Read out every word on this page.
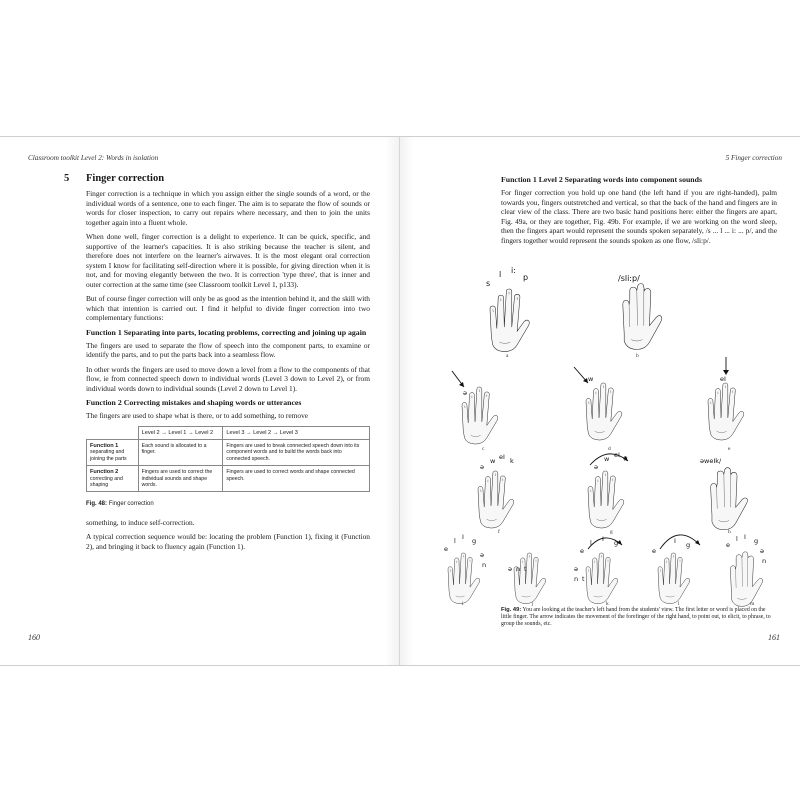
Classroom toolkit Level 2: Words in isolation
5 Finger correction

Finger correction is a technique in which you assign either the single sounds of a word, or the individual words of a sentence, one to each finger. The aim is to separate the flow of sounds or words for closer inspection, to carry out repairs where necessary, and then to join the units together again into a fluent whole.

When done well, finger correction is a delight to experience. It can be quick, specific, and supportive of the learner's capacities. It is also striking because the teacher is silent, and therefore does not interfere on the learner's airwaves. It is the most elegant oral correction system I know for facilitating self-direction where it is possible, for giving direction when it is not, and for moving elegantly between the two. It is correction 'type three', that is inner and outer correction at the same time (see Classroom toolkit Level 1, p133).

But of course finger correction will only be as good as the intention behind it, and the skill with which that intention is carried out. I find it helpful to divide finger correction into two complementary functions:

Function 1 Separating into parts, locating problems, correcting and joining up again

The fingers are used to separate the flow of speech into the component parts, to examine or identify the parts, and to put the parts back into a seamless flow.

In other words the fingers are used to move down a level from a flow to the components of that flow, ie from connected speech down to individual words (Level 3 down to Level 2), or from individual words down to individual sounds (Level 2 down to Level 1).

Function 2 Correcting mistakes and shaping words or utterances

The fingers are used to shape what is there, or to add something, to remove

	Level 2 → Level 1 → Level 2	Level 3 → Level 2 → Level 3

Function 1
separating and joining the parts	Each sound is allocated to a finger.	Fingers are used to break connected speech down into its component words and to build the words back into connected speech.

Function 2
correcting and shaping	Fingers are used to correct the individual sounds and shape words.	Fingers are used to correct words and shape connected speech.
Fig. 48: Finger correction

something, to induce self-correction.

A typical correction sequence would be: locating the problem (Function 1), fixing it (Function 2), and bringing it back to fluency again (Function 1).

160
5 Finger correction
Function 1 Level 2 Separating words into component sounds

For finger correction you hold up one hand (the left hand if you are right-handed), palm towards you, fingers outstretched and vertical, so that the back of the hand and fingers are in clear view of the class. There are two basic hand positions here: either the fingers are apart, Fig. 49a, or they are together, Fig. 49b. For example, if we are working on the word sleep, then the fingers apart would represent the sounds spoken separately, /s ... l ... i: ... p/, and the fingers together would represent the sounds spoken as one flow, /sli:p/.

s
l i:
p
a
/sli:p/
b
ə
c
w
d
eI
e
ə
w eI k
f
ə
w eI k
g
əweIk/
h
e
l I g
ə
n
i
ə n t
j
e
l I g
ə
n t
k
e
I g
l
e
l I g
ə
n
m
Fig. 49: You are looking at the teacher's left hand from the students' view. The first letter or word is placed on the little finger. The arrow indicates the movement of the forefinger of the right hand, to point out, to elicit, to phrase, to group the sounds, etc.
161
